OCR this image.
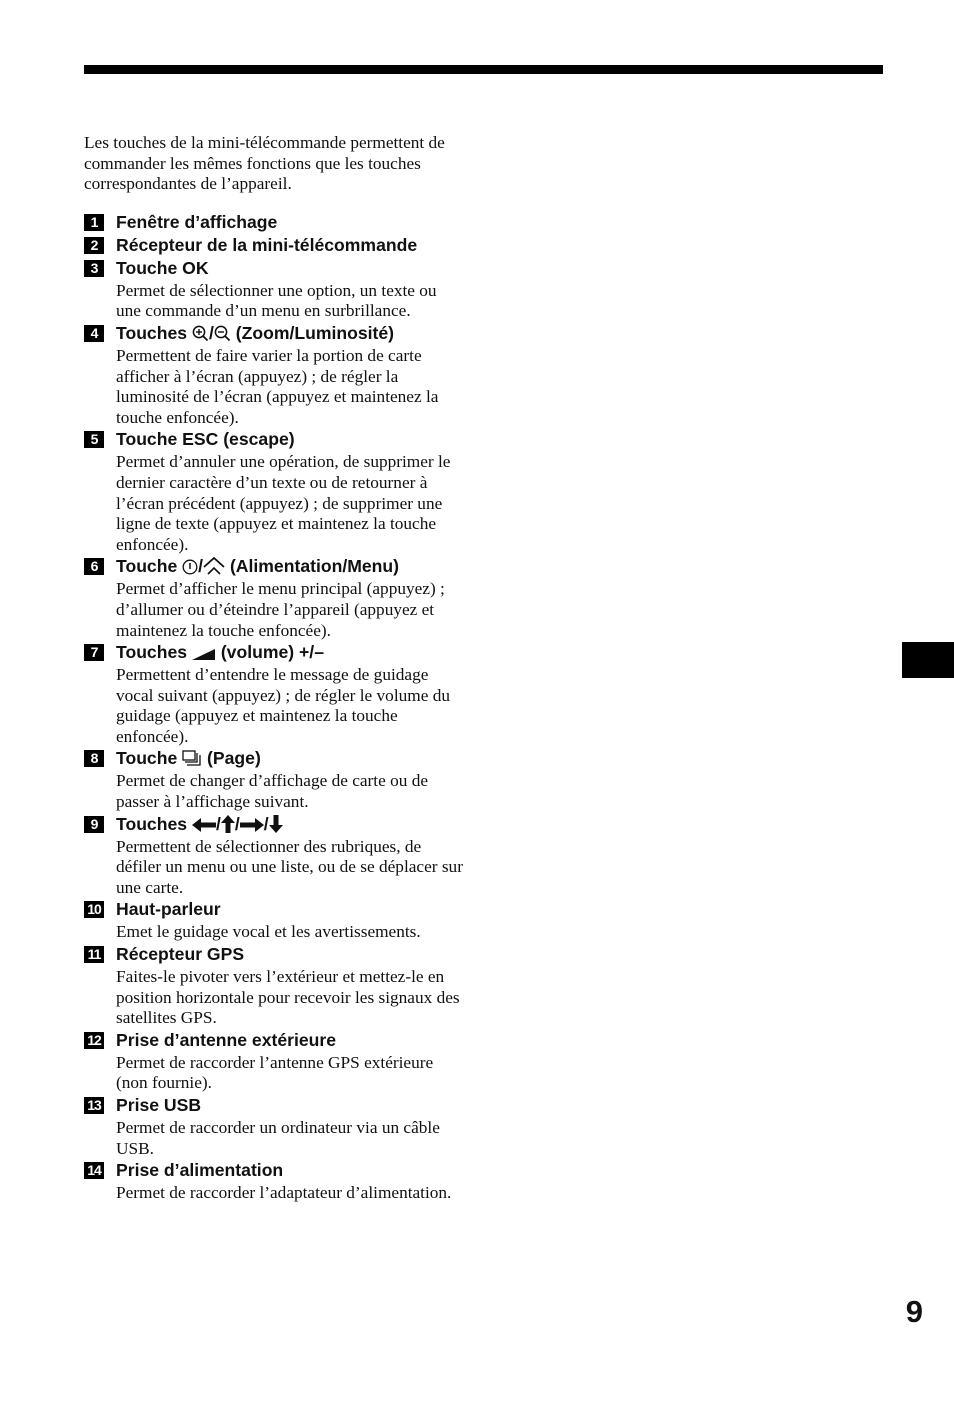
Les touches de la mini-télécommande permettent de commander les mêmes fonctions que les touches correspondantes de l’appareil.

1	Fenêtre d’affichage
2	Récepteur de la mini-télécommande
3	Touche OK
Permet de sélectionner une option, un texte ou une commande d’un menu en surbrillance.
4	Touches / (Zoom/Luminosité)
Permettent de faire varier la portion de carte afficher à l’écran (appuyez) ; de régler la luminosité de l’écran (appuyez et maintenez la touche enfoncée).
5	Touche ESC (escape)
Permet d’annuler une opération, de supprimer le dernier caractère d’un texte ou de retourner à l’écran précédent (appuyez) ; de supprimer une ligne de texte (appuyez et maintenez la touche enfoncée).
6	Touche / (Alimentation/Menu)
Permet d’afficher le menu principal (appuyez) ; d’allumer ou d’éteindre l’appareil (appuyez et maintenez la touche enfoncée).
7	Touches (volume) +/–
Permettent d’entendre le message de guidage vocal suivant (appuyez) ; de régler le volume du guidage (appuyez et maintenez la touche enfoncée).
8	Touche (Page)
Permet de changer d’affichage de carte ou de passer à l’affichage suivant.
9	Touches / / /
Permettent de sélectionner des rubriques, de défiler un menu ou une liste, ou de se déplacer sur une carte.
10 Haut-parleur
Emet le guidage vocal et les avertissements.
11 Récepteur GPS
Faites-le pivoter vers l’extérieur et mettez-le en position horizontale pour recevoir les signaux des satellites GPS.
12 Prise d’antenne extérieure
Permet de raccorder l’antenne GPS extérieure (non fournie).
13 Prise USB
Permet de raccorder un ordinateur via un câble USB.
14 Prise d’alimentation
Permet de raccorder l’adaptateur d’alimentation.
9
